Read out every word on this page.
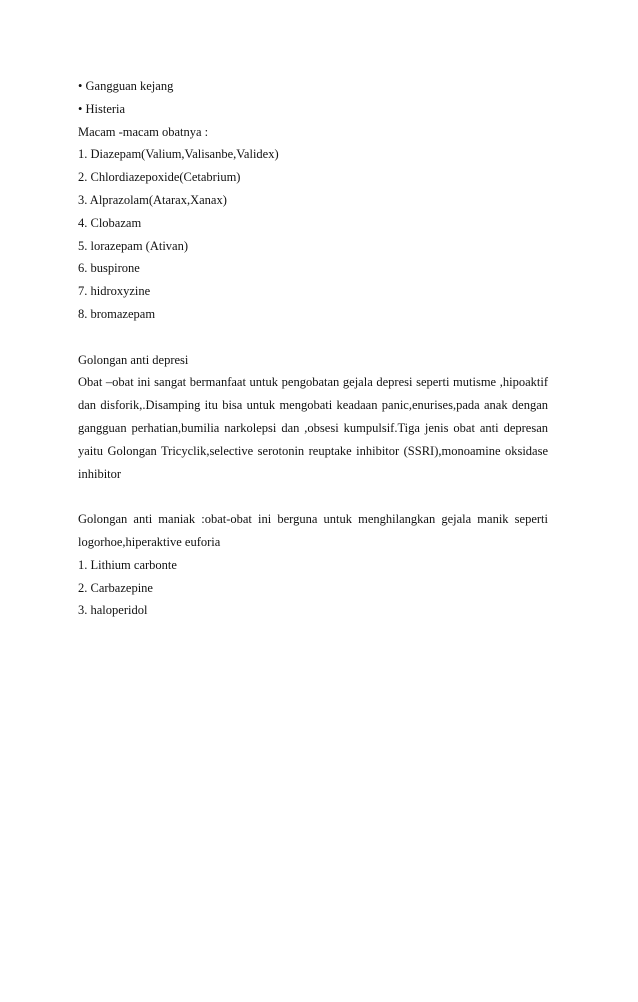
• Gangguan kejang
• Histeria
Macam -macam obatnya :
1. Diazepam(Valium,Valisanbe,Validex)
2. Chlordiazepoxide(Cetabrium)
3. Alprazolam(Atarax,Xanax)
4. Clobazam
5. lorazepam (Ativan)
6. buspirone
7. hidroxyzine
8. bromazepam
Golongan anti depresi
Obat –obat ini sangat bermanfaat untuk pengobatan gejala depresi seperti mutisme ,hipoaktif dan disforik,.Disamping itu bisa untuk mengobati keadaan panic,enurises,pada anak dengan gangguan perhatian,bumilia narkolepsi dan ,obsesi kumpulsif.Tiga jenis obat anti depresan yaitu Golongan Tricyclik,selective serotonin reuptake inhibitor (SSRI),monoamine oksidase inhibitor
Golongan anti maniak :obat-obat ini berguna untuk menghilangkan gejala manik seperti logorhoe,hiperaktive euforia
1. Lithium carbonte
2. Carbazepine
3. haloperidol
